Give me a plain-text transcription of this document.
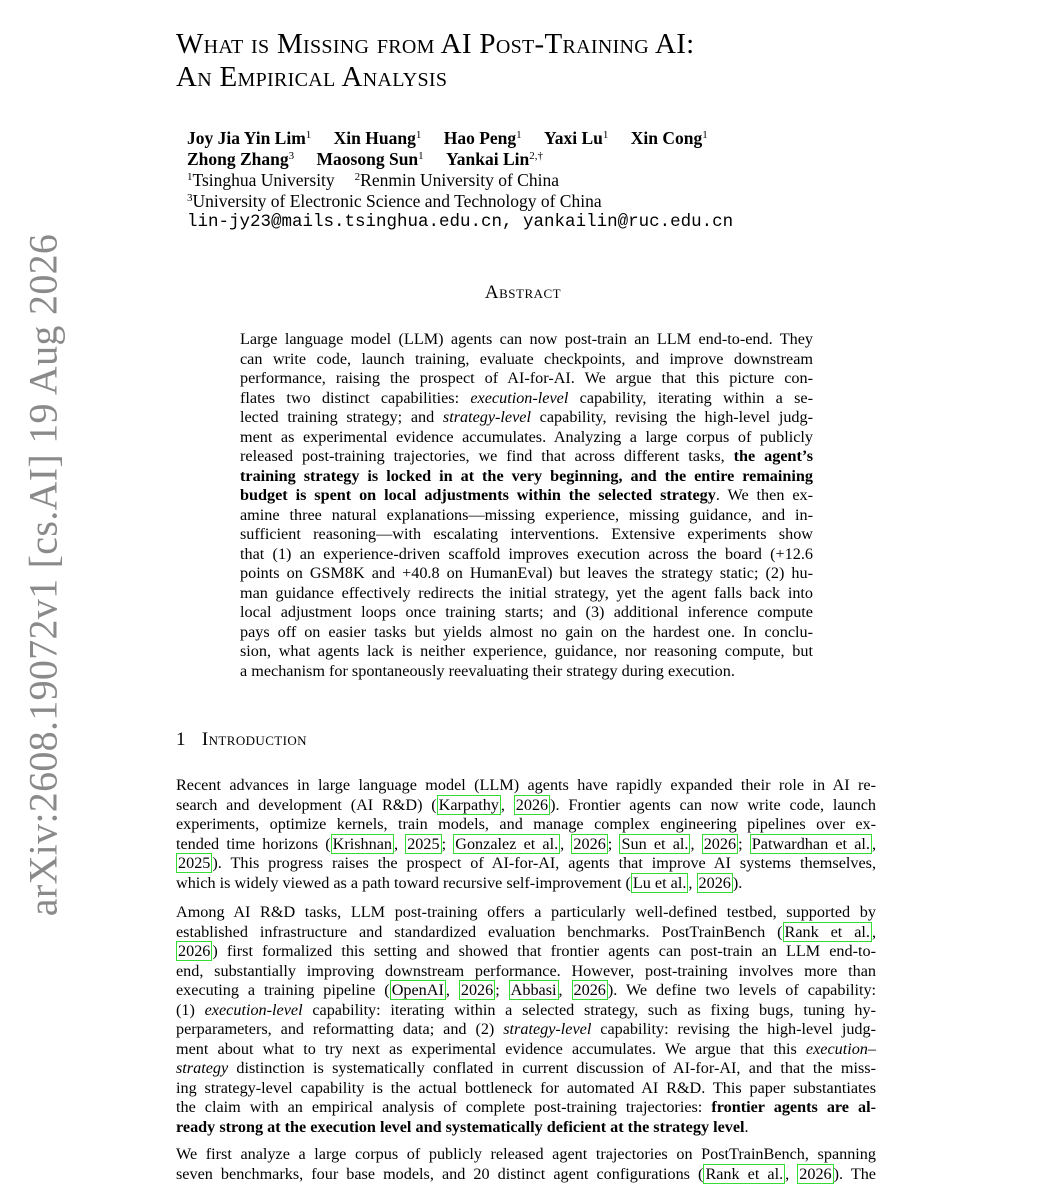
arXiv:2608.19072v1 [cs.AI] 19 Aug 2026
What is Missing from AI Post-Training AI:
An Empirical Analysis
Joy Jia Yin Lim$^1$ Xin Huang$^1$ Hao Peng$^1$ Yaxi Lu$^1$ Xin Cong$^1$
Zhong Zhang$^3$ Maosong Sun$^1$ Yankai Lin$^{2,\dagger}$
$^1$Tsinghua University $^2$Renmin University of China
$^3$University of Electronic Science and Technology of China
lin-jy23@mails.tsinghua.edu.cn, yankailin@ruc.edu.cn
Abstract
Large language model (LLM) agents can now post-train an LLM end-to-end. They
can write code, launch training, evaluate checkpoints, and improve downstream
performance, raising the prospect of AI-for-AI. We argue that this picture con-
flates two distinct capabilities: execution-level capability, iterating within a se-
lected training strategy; and strategy-level capability, revising the high-level judg-
ment as experimental evidence accumulates. Analyzing a large corpus of publicly
released post-training trajectories, we find that across different tasks, the agent’s
training strategy is locked in at the very beginning, and the entire remaining
budget is spent on local adjustments within the selected strategy. We then ex-
amine three natural explanations—missing experience, missing guidance, and in-
sufficient reasoning—with escalating interventions. Extensive experiments show
that (1) an experience-driven scaffold improves execution across the board (+12.6
points on GSM8K and +40.8 on HumanEval) but leaves the strategy static; (2) hu-
man guidance effectively redirects the initial strategy, yet the agent falls back into
local adjustment loops once training starts; and (3) additional inference compute
pays off on easier tasks but yields almost no gain on the hardest one. In conclu-
sion, what agents lack is neither experience, guidance, nor reasoning compute, but
a mechanism for spontaneously reevaluating their strategy during execution.
1 Introduction
Recent advances in large language model (LLM) agents have rapidly expanded their role in AI re-
search and development (AI R&D) ( Karpathy , 2026 ). Frontier agents can now write code, launch
experiments, optimize kernels, train models, and manage complex engineering pipelines over ex-
tended time horizons ( Krishnan , 2025 ; Gonzalez et al. , 2026 ; Sun et al. , 2026 ; Patwardhan et al. ,
2025 ). This progress raises the prospect of AI-for-AI, agents that improve AI systems themselves,
which is widely viewed as a path toward recursive self-improvement ( Lu et al. , 2026 ).
Among AI R&D tasks, LLM post-training offers a particularly well-defined testbed, supported by
established infrastructure and standardized evaluation benchmarks. PostTrainBench ( Rank et al. ,
2026 ) first formalized this setting and showed that frontier agents can post-train an LLM end-to-
end, substantially improving downstream performance. However, post-training involves more than
executing a training pipeline ( OpenAI , 2026 ; Abbasi , 2026 ). We define two levels of capability:
(1) execution-level capability: iterating within a selected strategy, such as fixing bugs, tuning hy-
perparameters, and reformatting data; and (2) strategy-level capability: revising the high-level judg-
ment about what to try next as experimental evidence accumulates. We argue that this execution–
strategy distinction is systematically conflated in current discussion of AI-for-AI, and that the miss-
ing strategy-level capability is the actual bottleneck for automated AI R&D. This paper substantiates
the claim with an empirical analysis of complete post-training trajectories: frontier agents are al-
ready strong at the execution level and systematically deficient at the strategy level.
We first analyze a large corpus of publicly released agent trajectories on PostTrainBench, spanning
seven benchmarks, four base models, and 20 distinct agent configurations ( Rank et al. , 2026 ). The
